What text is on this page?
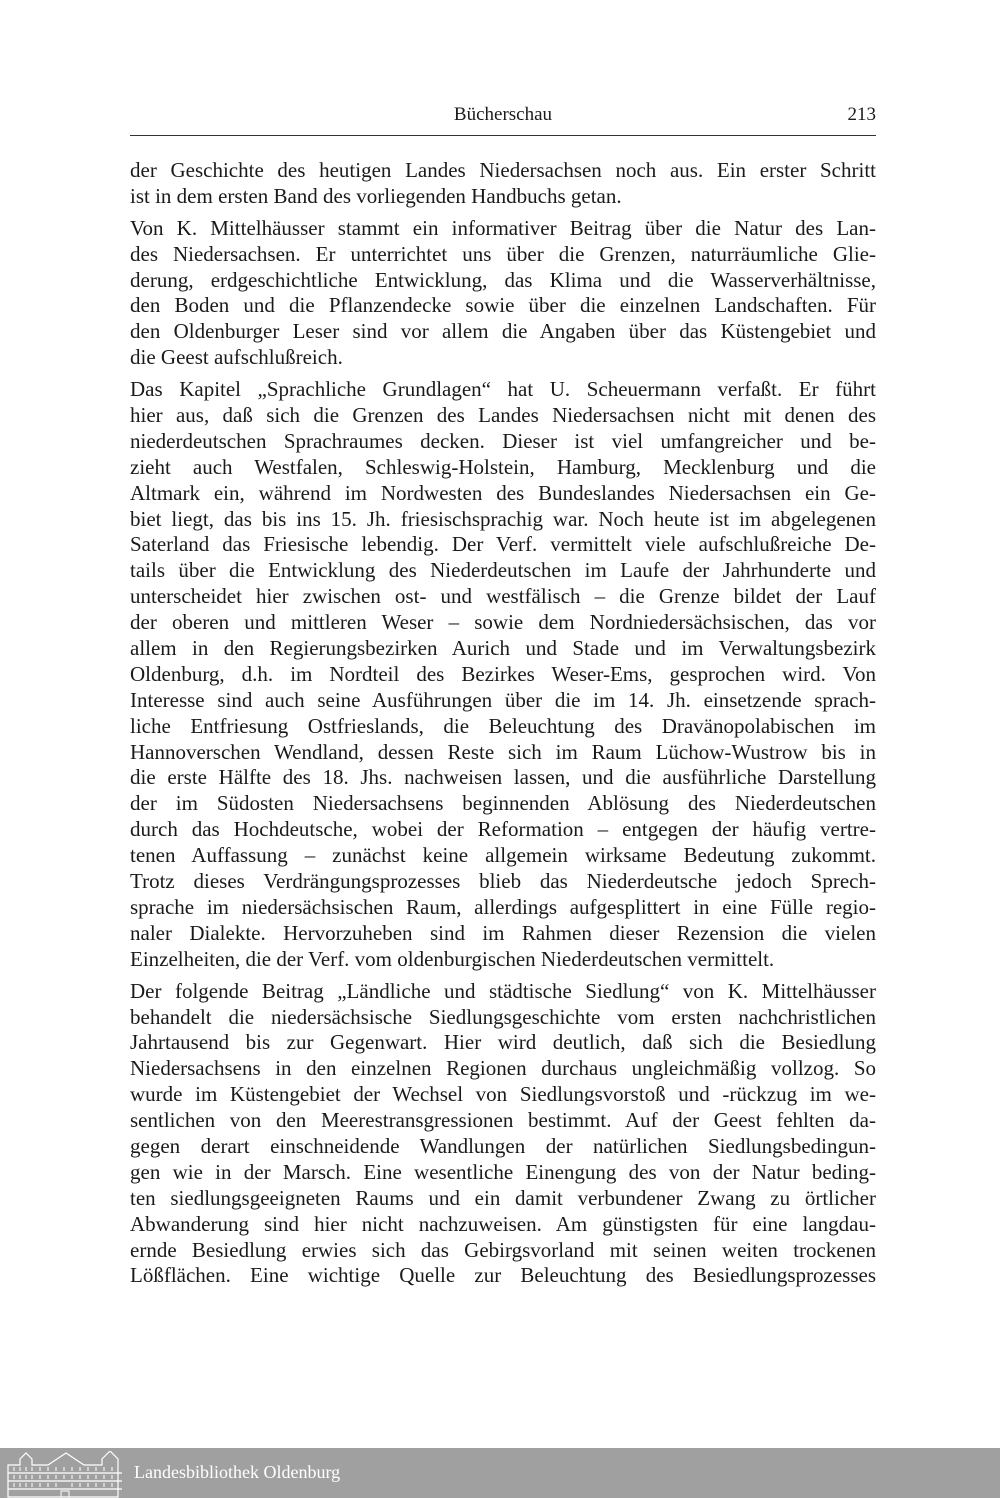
Bücherschau	213
der Geschichte des heutigen Landes Niedersachsen noch aus. Ein erster Schritt
ist in dem ersten Band des vorliegenden Handbuchs getan.
Von K. Mittelhäusser stammt ein informativer Beitrag über die Natur des Lan-
des Niedersachsen. Er unterrichtet uns über die Grenzen, naturräumliche Glie-
derung, erdgeschichtliche Entwicklung, das Klima und die Wasserverhältnisse,
den Boden und die Pflanzendecke sowie über die einzelnen Landschaften. Für
den Oldenburger Leser sind vor allem die Angaben über das Küstengebiet und
die Geest aufschlußreich.
Das Kapitel „Sprachliche Grundlagen“ hat U. Scheuermann verfaßt. Er führt
hier aus, daß sich die Grenzen des Landes Niedersachsen nicht mit denen des
niederdeutschen Sprachraumes decken. Dieser ist viel umfangreicher und be-
zieht auch Westfalen, Schleswig-Holstein, Hamburg, Mecklenburg und die
Altmark ein, während im Nordwesten des Bundeslandes Niedersachsen ein Ge-
biet liegt, das bis ins 15. Jh. friesischsprachig war. Noch heute ist im abgelegenen
Saterland das Friesische lebendig. Der Verf. vermittelt viele aufschlußreiche De-
tails über die Entwicklung des Niederdeutschen im Laufe der Jahrhunderte und
unterscheidet hier zwischen ost- und westfälisch – die Grenze bildet der Lauf
der oberen und mittleren Weser – sowie dem Nordniedersächsischen, das vor
allem in den Regierungsbezirken Aurich und Stade und im Verwaltungsbezirk
Oldenburg, d.h. im Nordteil des Bezirkes Weser-Ems, gesprochen wird. Von
Interesse sind auch seine Ausführungen über die im 14. Jh. einsetzende sprach-
liche Entfriesung Ostfrieslands, die Beleuchtung des Dravänopolabischen im
Hannoverschen Wendland, dessen Reste sich im Raum Lüchow-Wustrow bis in
die erste Hälfte des 18. Jhs. nachweisen lassen, und die ausführliche Darstellung
der im Südosten Niedersachsens beginnenden Ablösung des Niederdeutschen
durch das Hochdeutsche, wobei der Reformation – entgegen der häufig vertre-
tenen Auffassung – zunächst keine allgemein wirksame Bedeutung zukommt.
Trotz dieses Verdrängungsprozesses blieb das Niederdeutsche jedoch Sprech-
sprache im niedersächsischen Raum, allerdings aufgesplittert in eine Fülle regio-
naler Dialekte. Hervorzuheben sind im Rahmen dieser Rezension die vielen
Einzelheiten, die der Verf. vom oldenburgischen Niederdeutschen vermittelt.
Der folgende Beitrag „Ländliche und städtische Siedlung“ von K. Mittelhäusser
behandelt die niedersächsische Siedlungsgeschichte vom ersten nachchristlichen
Jahrtausend bis zur Gegenwart. Hier wird deutlich, daß sich die Besiedlung
Niedersachsens in den einzelnen Regionen durchaus ungleichmäßig vollzog. So
wurde im Küstengebiet der Wechsel von Siedlungsvorstoß und -rückzug im we-
sentlichen von den Meerestransgressionen bestimmt. Auf der Geest fehlten da-
gegen derart einschneidende Wandlungen der natürlichen Siedlungsbedingun-
gen wie in der Marsch. Eine wesentliche Einengung des von der Natur beding-
ten siedlungsgeeigneten Raums und ein damit verbundener Zwang zu örtlicher
Abwanderung sind hier nicht nachzuweisen. Am günstigsten für eine langdau-
ernde Besiedlung erwies sich das Gebirgsvorland mit seinen weiten trockenen
Lößflächen. Eine wichtige Quelle zur Beleuchtung des Besiedlungsprozesses
Landesbibliothek Oldenburg
